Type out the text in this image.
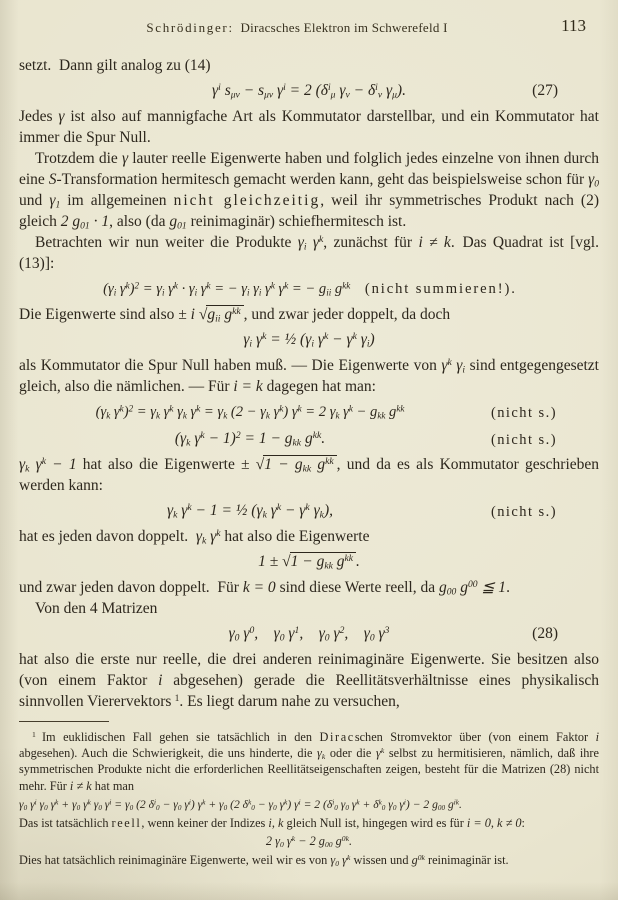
Schrödinger: Diracsches Elektron im Schwerefeld I	113

setzt. Dann gilt analog zu (14)

$\gamma^i$ $s_{\mu\nu} - s_{\mu\nu}$ $\gamma^i = 2$ ($\delta^i_\mu$ $\gamma_\nu - \delta^i_\nu$ $\gamma_\mu$).	(27)

Jedes γ ist also auf mannigfache Art als Kommutator darstellbar, und ein Kommutator hat immer die Spur Null.

Trotzdem die γ lauter reelle Eigenwerte haben und folglich jedes einzelne von ihnen durch eine S-Transformation hermitesch gemacht werden kann, geht das beispielsweise schon für $\gamma_0$ und $\gamma_1$ im allgemeinen nicht gleichzeitig, weil ihr symmetrisches Produkt nach (2) gleich 2 $g_{01} \cdot 1$, also (da $g_{01}$ reinimaginär) schiefhermitesch ist.

Betrachten wir nun weiter die Produkte $\gamma_i$ $\gamma^k$, zunächst für i ≠ k. Das Quadrat ist [vgl. (13)]:

($\gamma_i$ $\gamma^k)^2 = \gamma_i$ $\gamma^k \cdot \gamma_i$ $\gamma^k$ = − $\gamma_i$ $\gamma_i$ $\gamma^k$ $\gamma^k$ = − $g_{ii}$ $g^{kk}$  (nicht summieren!).

Die Eigenwerte sind also ± i $√g_{ii}$ $g^{kk}$ , und zwar jeder doppelt, da doch

$\gamma_i$ $\gamma^k$ = ½ ($\gamma_i$ $\gamma^k - \gamma^k$ $\gamma_i$)

als Kommutator die Spur Null haben muß. — Die Eigenwerte von $\gamma^k$ $\gamma_i$ sind entgegengesetzt gleich, also die nämlichen. — Für i = k dagegen hat man:

($\gamma_k$ $\gamma^k)^2 = \gamma_k$ $\gamma^k$ $\gamma_k$ $\gamma^k = \gamma_k$ ($2 - \gamma_k$ $\gamma^k$) $\gamma^k = 2$ $\gamma_k$ $\gamma^k - g_{kk}$ $g^{kk}$	(nicht s.)
($\gamma_k$ $\gamma^k - 1)^2 = 1 - g_{kk}$ $g^{kk}$.	(nicht s.)

$\gamma_k$ $\gamma^k - 1$ hat also die Eigenwerte ± $√1 - g_{kk}$ $g^{kk}$ , und da es als Kommutator geschrieben werden kann:

$\gamma_k$ $\gamma^k - 1$ = ½ ($\gamma_k$ $\gamma^k - \gamma^k$ $\gamma_k$),	(nicht s.)

hat es jeden davon doppelt. $\gamma_k$ $\gamma^k$ hat also die Eigenwerte

$1 \pm √1 - g_{kk}$ $g^{kk}$ .

und zwar jeden davon doppelt. Für k = 0 sind diese Werte reell, da $g_{00}$ $g^{00}$ ≦ 1.

Von den 4 Matrizen

$\gamma_0$ $\gamma^0$, $\gamma_0$ $\gamma^1$, $\gamma_0$ $\gamma^2$, $\gamma_0$ $\gamma^3$	(28)

hat also die erste nur reelle, die drei anderen reinimaginäre Eigenwerte. Sie besitzen also (von einem Faktor i abgesehen) gerade die Reellitätsverhältnisse eines physikalisch sinnvollen Vierervektors $^1$. Es liegt darum nahe zu versuchen,

$^1$ Im euklidischen Fall gehen sie tatsächlich in den Diracschen Stromvektor über (von einem Faktor i abgesehen). Auch die Schwierigkeit, die uns hinderte, die $\gamma_k$ oder die $\gamma^k$ selbst zu hermitisieren, nämlich, daß ihre symmetrischen Produkte nicht die erforderlichen Reellitätseigenschaften zeigen, besteht für die Matrizen (28) nicht mehr. Für i ≠ k hat man

$\gamma_0$ $\gamma^i$ $\gamma_0$ $\gamma^k + \gamma_0$ $\gamma^k$ $\gamma_0$ $\gamma^i = \gamma_0$ (2 $\delta^i_0 - \gamma_0$ $\gamma^i$) $\gamma^k + \gamma_0$ (2 $\delta^k_0 - \gamma_0$ $\gamma^k$) $\gamma^i = 2$ ($\delta^i_0$ $\gamma_0$ $\gamma^k + \delta^k_0$ $\gamma_0$ $\gamma^i) - 2$ $g_{00}$ $g^{ik}$.

Das ist tatsächlich reell, wenn keiner der Indizes i, k gleich Null ist, hingegen wird es für i = 0, k ≠ 0:

2 $\gamma_0$ $\gamma^k - 2$ $g_{00}$ $g^{0k}$.

Dies hat tatsächlich reinimaginäre Eigenwerte, weil wir es von $\gamma_0$ $\gamma^k$ wissen und $g^{0k}$ reinimaginär ist.
